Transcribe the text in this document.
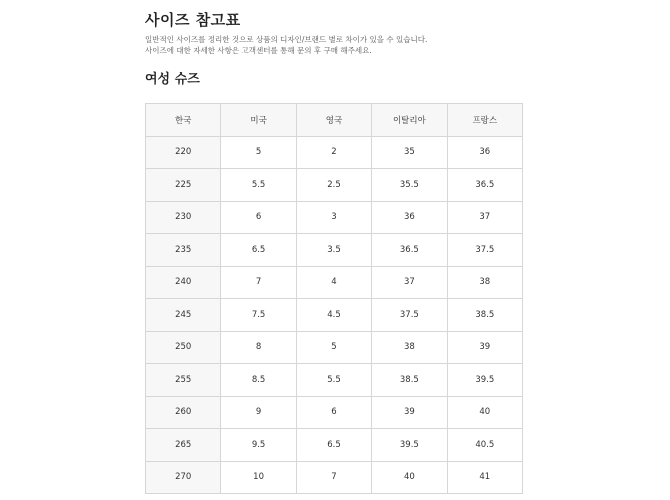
사이즈 참고표
일반적인 사이즈를 정리한 것으로 상품의 디자인/브랜드 별로 차이가 있을 수 있습니다.
사이즈에 대한 자세한 사항은 고객센터를 통해 문의 후 구매 해주세요.
여성 슈즈
한국	미국	영국	이탈리아	프랑스
220	5	2	35	36
225	5.5	2.5	35.5	36.5
230	6	3	36	37
235	6.5	3.5	36.5	37.5
240	7	4	37	38
245	7.5	4.5	37.5	38.5
250	8	5	38	39
255	8.5	5.5	38.5	39.5
260	9	6	39	40
265	9.5	6.5	39.5	40.5
270	10	7	40	41
